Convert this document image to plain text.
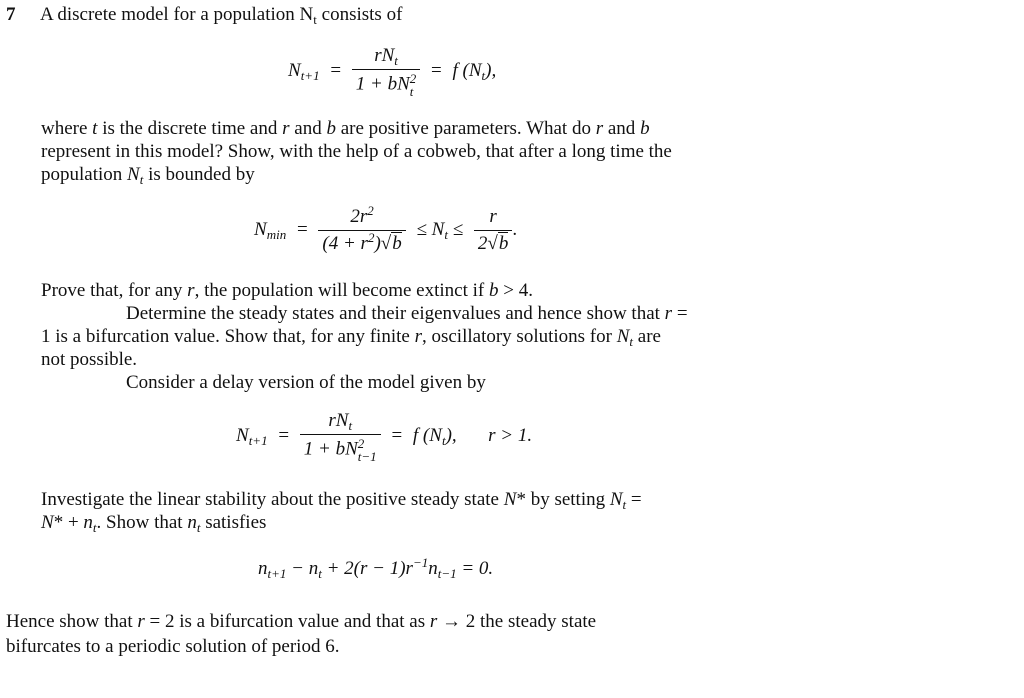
7 A discrete model for a population $N_t$ consists of
$N_{t+1} = rN_t$
1 + bN 2
t = f $(N_t)$,
where t is the discrete time and r and b are positive parameters. What do r and b
represent in this model? Show, with the help of a cobweb, that after a long time the
population $N_t$ is bounded by
$N_{min} = \frac{2r^2}{(4 + r^2)√b} \le N_t \le \frac{r}{2√b}$ .
Prove that, for any r, the population will become extinct if b > 4.
Determine the steady states and their eigenvalues and hence show that r =
1 is a bifurcation value. Show that, for any finite r, oscillatory solutions for $N_t$ are
not possible.
Consider a delay version of the model given by
$N_{t+1} = rN_t$
1 + bN 2
t−1 = f $(N_t)$, r > 1.
Investigate the linear stability about the positive steady state N* by setting $N_t$ =
$N* + n_t$. Show that $n_t$ satisfies
$n_{t+1} - n_t + 2(r - 1)r^{-1}n_{t-1} = 0$.
Hence show that r = 2 is a bifurcation value and that as r → 2 the steady state
bifurcates to a periodic solution of period 6.
